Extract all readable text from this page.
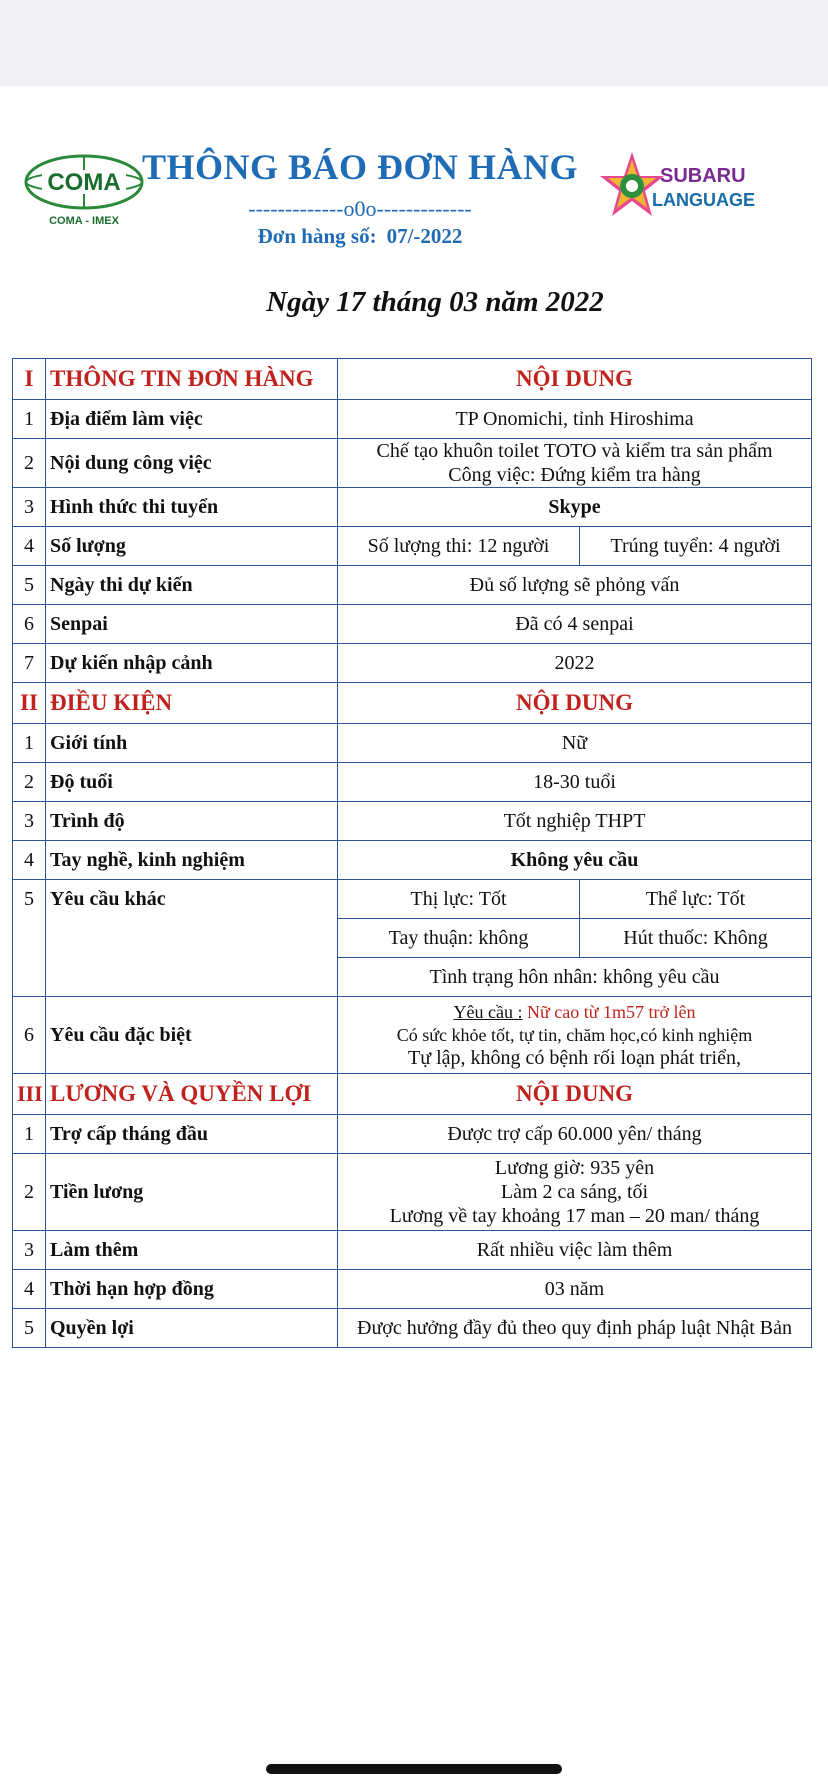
COMA
COMA - IMEX
THÔNG BÁO ĐƠN HÀNG
-------------o0o-------------
Đơn hàng số: 07/-2022
SUBARU
LANGUAGE
Ngày 17 tháng 03 năm 2022
I	THÔNG TIN ĐƠN HÀNG	NỘI DUNG	
1	Địa điểm làm việc	TP Onomichi, tỉnh Hiroshima	
2	Nội dung công việc	Chế tạo khuôn toilet TOTO và kiểm tra sản phẩm
Công việc: Đứng kiểm tra hàng	

3	Hình thức thi tuyển	Skype	
4	Số lượng	Số lượng thi: 12 người	Trúng tuyển: 4 người
5	Ngày thi dự kiến	Đủ số lượng sẽ phỏng vấn	
6	Senpai	Đã có 4 senpai	
7	Dự kiến nhập cảnh	2022	
II	ĐIỀU KIỆN	NỘI DUNG	
1	Giới tính	Nữ	
2	Độ tuổi	18-30 tuổi	
3	Trình độ	Tốt nghiệp THPT	
4	Tay nghề, kinh nghiệm	Không yêu cầu	
5	Yêu cầu khác	Thị lực: Tốt	Thể lực: Tốt
		Tay thuận: không	Hút thuốc: Không
		Tình trạng hôn nhân: không yêu cầu	
6	Yêu cầu đặc biệt	Yêu cầu : Nữ cao từ 1m57 trở lên
Có sức khỏe tốt, tự tin, chăm học,có kinh nghiệm
Tự lập, không có bệnh rối loạn phát triển,	

III	LƯƠNG VÀ QUYỀN LỢI	NỘI DUNG	
1	Trợ cấp tháng đầu	Được trợ cấp 60.000 yên/ tháng	
2	Tiền lương	Lương giờ: 935 yên
Làm 2 ca sáng, tối
Lương về tay khoảng 17 man – 20 man/ tháng	

3	Làm thêm	Rất nhiều việc làm thêm	
4	Thời hạn hợp đồng	03 năm	
5	Quyền lợi	Được hưởng đầy đủ theo quy định pháp luật Nhật Bản	
